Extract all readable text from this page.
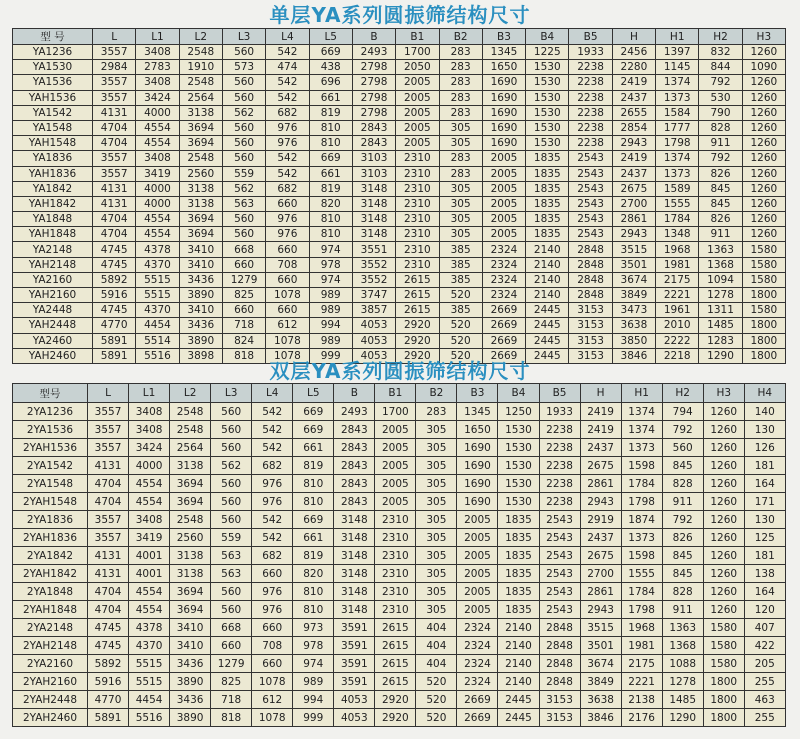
单层YA系列圆振筛结构尺寸
型 号	L	L1	L2	L3	L4	L5	B	B1	B2	B3	B4	B5	H	H1	H2	H3
YA1236	3557	3408	2548	560	542	669	2493	1700	283	1345	1225	1933	2456	1397	832	1260
YA1530	2984	2783	1910	573	474	438	2798	2050	283	1650	1530	2238	2280	1145	844	1090
YA1536	3557	3408	2548	560	542	696	2798	2005	283	1690	1530	2238	2419	1374	792	1260
YAH1536	3557	3424	2564	560	542	661	2798	2005	283	1690	1530	2238	2437	1373	530	1260
YA1542	4131	4000	3138	562	682	819	2798	2005	283	1690	1530	2238	2655	1584	790	1260
YA1548	4704	4554	3694	560	976	810	2843	2005	305	1690	1530	2238	2854	1777	828	1260
YAH1548	4704	4554	3694	560	976	810	2843	2005	305	1690	1530	2238	2943	1798	911	1260
YA1836	3557	3408	2548	560	542	669	3103	2310	283	2005	1835	2543	2419	1374	792	1260
YAH1836	3557	3419	2560	559	542	661	3103	2310	283	2005	1835	2543	2437	1373	826	1260
YA1842	4131	4000	3138	562	682	819	3148	2310	305	2005	1835	2543	2675	1589	845	1260
YAH1842	4131	4000	3138	563	660	820	3148	2310	305	2005	1835	2543	2700	1555	845	1260
YA1848	4704	4554	3694	560	976	810	3148	2310	305	2005	1835	2543	2861	1784	826	1260
YAH1848	4704	4554	3694	560	976	810	3148	2310	305	2005	1835	2543	2943	1348	911	1260
YA2148	4745	4378	3410	668	660	974	3551	2310	385	2324	2140	2848	3515	1968	1363	1580
YAH2148	4745	4370	3410	660	708	978	3552	2310	385	2324	2140	2848	3501	1981	1368	1580
YA2160	5892	5515	3436	1279	660	974	3552	2615	385	2324	2140	2848	3674	2175	1094	1580
YAH2160	5916	5515	3890	825	1078	989	3747	2615	520	2324	2140	2848	3849	2221	1278	1800
YA2448	4745	4370	3410	660	660	989	3857	2615	385	2669	2445	3153	3473	1961	1311	1580
YAH2448	4770	4454	3436	718	612	994	4053	2920	520	2669	2445	3153	3638	2010	1485	1800
YA2460	5891	5514	3890	824	1078	989	4053	2920	520	2669	2445	3153	3850	2222	1283	1800
YAH2460	5891	5516	3898	818	1078	999	4053	2920	520	2669	2445	3153	3846	2218	1290	1800
双层YA系列圆振筛结构尺寸
型号	L	L1	L2	L3	L4	L5	B	B1	B2	B3	B4	B5	H	H1	H2	H3	H4
2YA1236	3557	3408	2548	560	542	669	2493	1700	283	1345	1250	1933	2419	1374	794	1260	140
2YA1536	3557	3408	2548	560	542	669	2843	2005	305	1650	1530	2238	2419	1374	792	1260	130
2YAH1536	3557	3424	2564	560	542	661	2843	2005	305	1690	1530	2238	2437	1373	560	1260	126
2YA1542	4131	4000	3138	562	682	819	2843	2005	305	1690	1530	2238	2675	1598	845	1260	181
2YA1548	4704	4554	3694	560	976	810	2843	2005	305	1690	1530	2238	2861	1784	828	1260	164
2YAH1548	4704	4554	3694	560	976	810	2843	2005	305	1690	1530	2238	2943	1798	911	1260	171
2YA1836	3557	3408	2548	560	542	669	3148	2310	305	2005	1835	2543	2919	1874	792	1260	130
2YAH1836	3557	3419	2560	559	542	661	3148	2310	305	2005	1835	2543	2437	1373	826	1260	125
2YA1842	4131	4001	3138	563	682	819	3148	2310	305	2005	1835	2543	2675	1598	845	1260	181
2YAH1842	4131	4001	3138	563	660	820	3148	2310	305	2005	1835	2543	2700	1555	845	1260	138
2YA1848	4704	4554	3694	560	976	810	3148	2310	305	2005	1835	2543	2861	1784	828	1260	164
2YAH1848	4704	4554	3694	560	976	810	3148	2310	305	2005	1835	2543	2943	1798	911	1260	120
2YA2148	4745	4378	3410	668	660	973	3591	2615	404	2324	2140	2848	3515	1968	1363	1580	407
2YAH2148	4745	4370	3410	660	708	978	3591	2615	404	2324	2140	2848	3501	1981	1368	1580	422
2YA2160	5892	5515	3436	1279	660	974	3591	2615	404	2324	2140	2848	3674	2175	1088	1580	205
2YAH2160	5916	5515	3890	825	1078	989	3591	2615	520	2324	2140	2848	3849	2221	1278	1800	255
2YAH2448	4770	4454	3436	718	612	994	4053	2920	520	2669	2445	3153	3638	2138	1485	1800	463
2YAH2460	5891	5516	3890	818	1078	999	4053	2920	520	2669	2445	3153	3846	2176	1290	1800	255
